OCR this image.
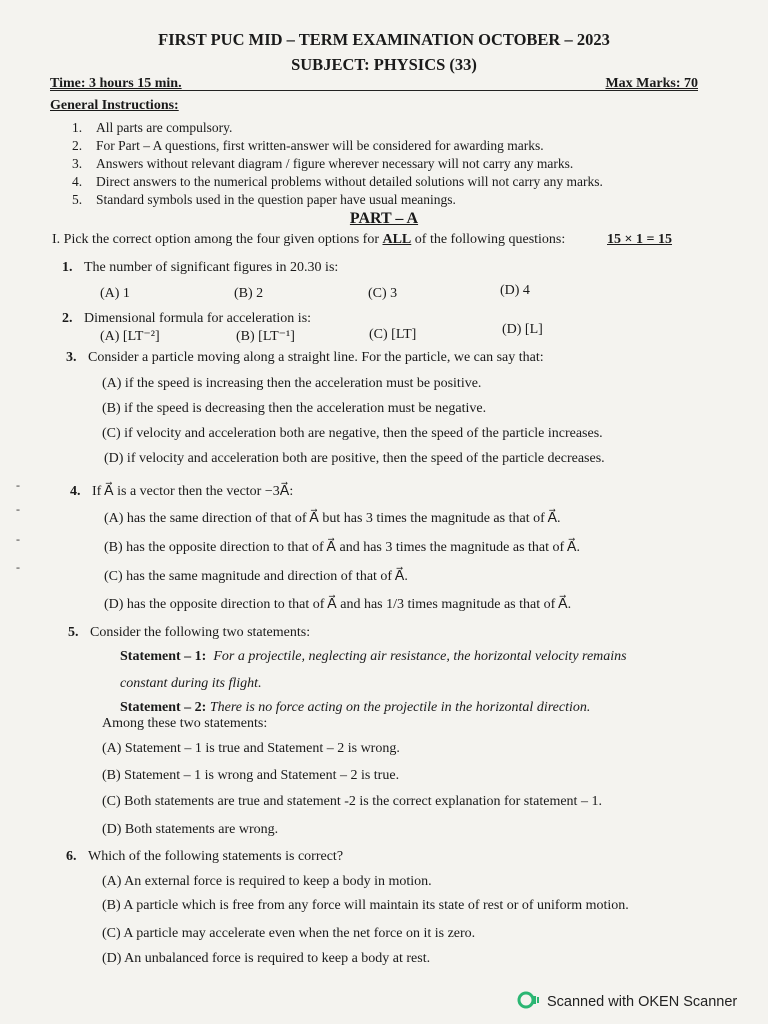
FIRST PUC MID – TERM EXAMINATION OCTOBER – 2023
SUBJECT: PHYSICS (33)
Time: 3 hours 15 min.	Max Marks: 70
General Instructions:
1. All parts are compulsory.
2. For Part – A questions, first written-answer will be considered for awarding marks.
3. Answers without relevant diagram / figure wherever necessary will not carry any marks.
4. Direct answers to the numerical problems without detailed solutions will not carry any marks.
5. Standard symbols used in the question paper have usual meanings.
PART – A
I. Pick the correct option among the four given options for ALL of the following questions:	15 × 1 = 15
1. The number of significant figures in 20.30 is:
(A) 1	(B) 2	(C) 3	(D) 4
2. Dimensional formula for acceleration is:
(A) [LT⁻²]	(B) [LT⁻¹]	(C) [LT]	(D) [L]
3. Consider a particle moving along a straight line. For the particle, we can say that:
(A) if the speed is increasing then the acceleration must be positive.
(B) if the speed is decreasing then the acceleration must be negative.
(C) if velocity and acceleration both are negative, then the speed of the particle increases.
(D) if velocity and acceleration both are positive, then the speed of the particle decreases.
4. If A⃗ is a vector then the vector −3A⃗:
(A) has the same direction of that of A⃗ but has 3 times the magnitude as that of A⃗.
(B) has the opposite direction to that of A⃗ and has 3 times the magnitude as that of A⃗.
(C) has the same magnitude and direction of that of A⃗.
(D) has the opposite direction to that of A⃗ and has 1/3 times magnitude as that of A⃗.
5. Consider the following two statements:
Statement – 1: For a projectile, neglecting air resistance, the horizontal velocity remains
constant during its flight.
Statement – 2: There is no force acting on the projectile in the horizontal direction.
Among these two statements:
(A) Statement – 1 is true and Statement – 2 is wrong.
(B) Statement – 1 is wrong and Statement – 2 is true.
(C) Both statements are true and statement -2 is the correct explanation for statement – 1.
(D) Both statements are wrong.
6. Which of the following statements is correct?
(A) An external force is required to keep a body in motion.
(B) A particle which is free from any force will maintain its state of rest or of uniform motion.
(C) A particle may accelerate even when the net force on it is zero.
(D) An unbalanced force is required to keep a body at rest.
-
-
-
-
Scanned with OKEN Scanner
